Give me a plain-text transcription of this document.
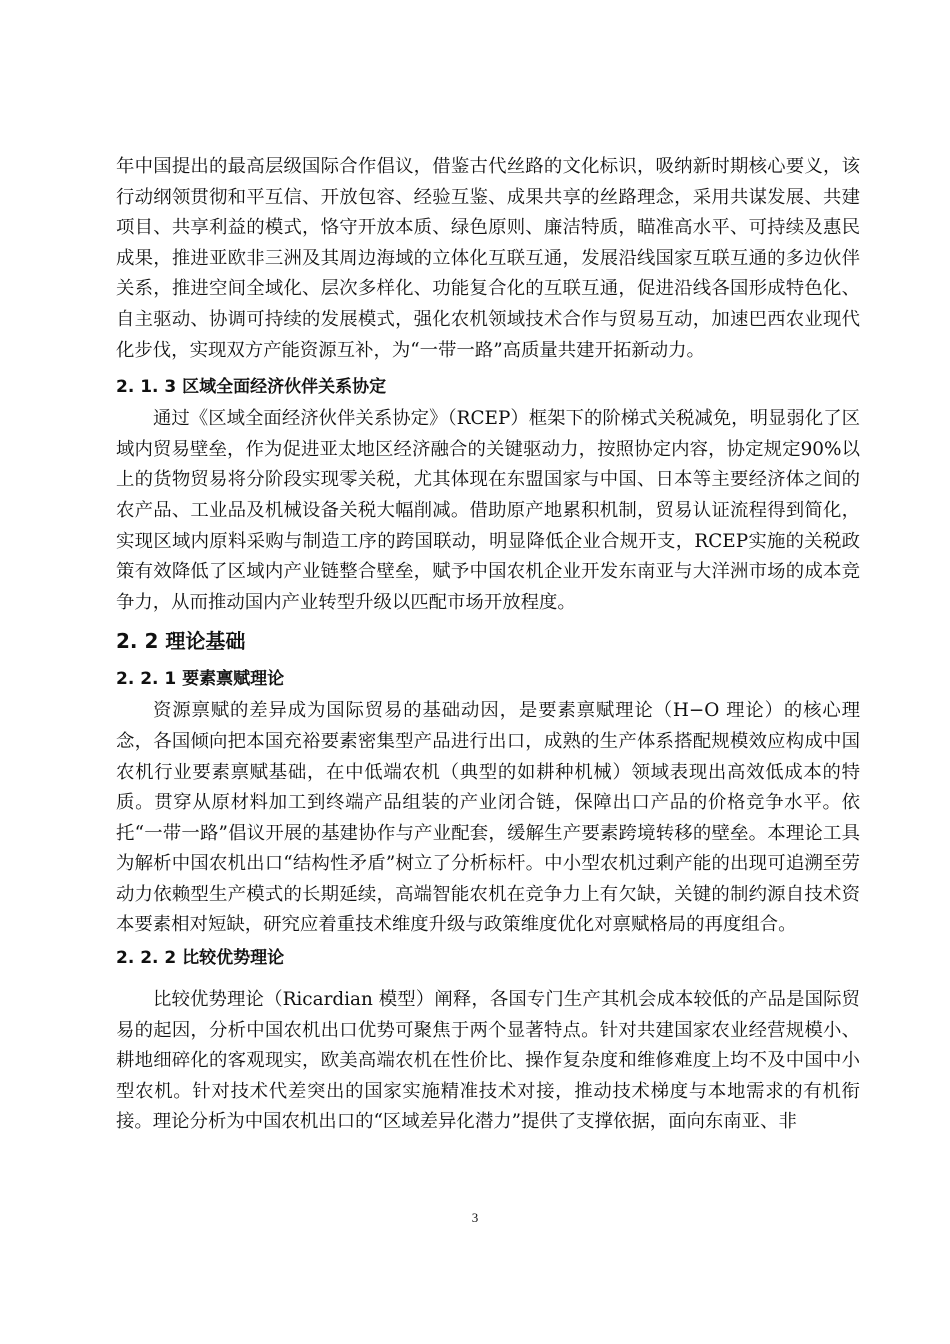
年中国提出的最高层级国际合作倡议，借鉴古代丝路的文化标识，吸纳新时期核心要义，该行动纲领贯彻和平互信、开放包容、经验互鉴、成果共享的丝路理念，采用共谋发展、共建项目、共享利益的模式，恪守开放本质、绿色原则、廉洁特质，瞄准高水平、可持续及惠民成果，推进亚欧非三洲及其周边海域的立体化互联互通，发展沿线国家互联互通的多边伙伴关系，推进空间全域化、层次多样化、功能复合化的互联互通，促进沿线各国形成特色化、自主驱动、协调可持续的发展模式，强化农机领域技术合作与贸易互动，加速巴西农业现代化步伐，实现双方产能资源互补，为“一带一路”高质量共建开拓新动力。

2. 1. 3 区域全面经济伙伴关系协定

通过《区域全面经济伙伴关系协定》（RCEP）框架下的阶梯式关税减免，明显弱化了区域内贸易壁垒，作为促进亚太地区经济融合的关键驱动力，按照协定内容，协定规定90%以上的货物贸易将分阶段实现零关税，尤其体现在东盟国家与中国、日本等主要经济体之间的农产品、工业品及机械设备关税大幅削减。借助原产地累积机制，贸易认证流程得到简化，实现区域内原料采购与制造工序的跨国联动，明显降低企业合规开支，RCEP实施的关税政策有效降低了区域内产业链整合壁垒，赋予中国农机企业开发东南亚与大洋洲市场的成本竞争力，从而推动国内产业转型升级以匹配市场开放程度。

2. 2 理论基础
2. 2. 1 要素禀赋理论

资源禀赋的差异成为国际贸易的基础动因，是要素禀赋理论（H−O 理论）的核心理念，各国倾向把本国充裕要素密集型产品进行出口，成熟的生产体系搭配规模效应构成中国农机行业要素禀赋基础，在中低端农机（典型的如耕种机械）领域表现出高效低成本的特质。贯穿从原材料加工到终端产品组装的产业闭合链，保障出口产品的价格竞争水平。依托“一带一路”倡议开展的基建协作与产业配套，缓解生产要素跨境转移的壁垒。本理论工具为解析中国农机出口“结构性矛盾”树立了分析标杆。中小型农机过剩产能的出现可追溯至劳动力依赖型生产模式的长期延续，高端智能农机在竞争力上有欠缺，关键的制约源自技术资本要素相对短缺，研究应着重技术维度升级与政策维度优化对禀赋格局的再度组合。

2. 2. 2 比较优势理论

比较优势理论（Ricardian 模型）阐释，各国专门生产其机会成本较低的产品是国际贸易的起因，分析中国农机出口优势可聚焦于两个显著特点。针对共建国家农业经营规模小、耕地细碎化的客观现实，欧美高端农机在性价比、操作复杂度和维修难度上均不及中国中小型农机。针对技术代差突出的国家实施精准技术对接，推动技术梯度与本地需求的有机衔接。理论分析为中国农机出口的“区域差异化潜力”提供了支撑依据，面向东南亚、非

3
